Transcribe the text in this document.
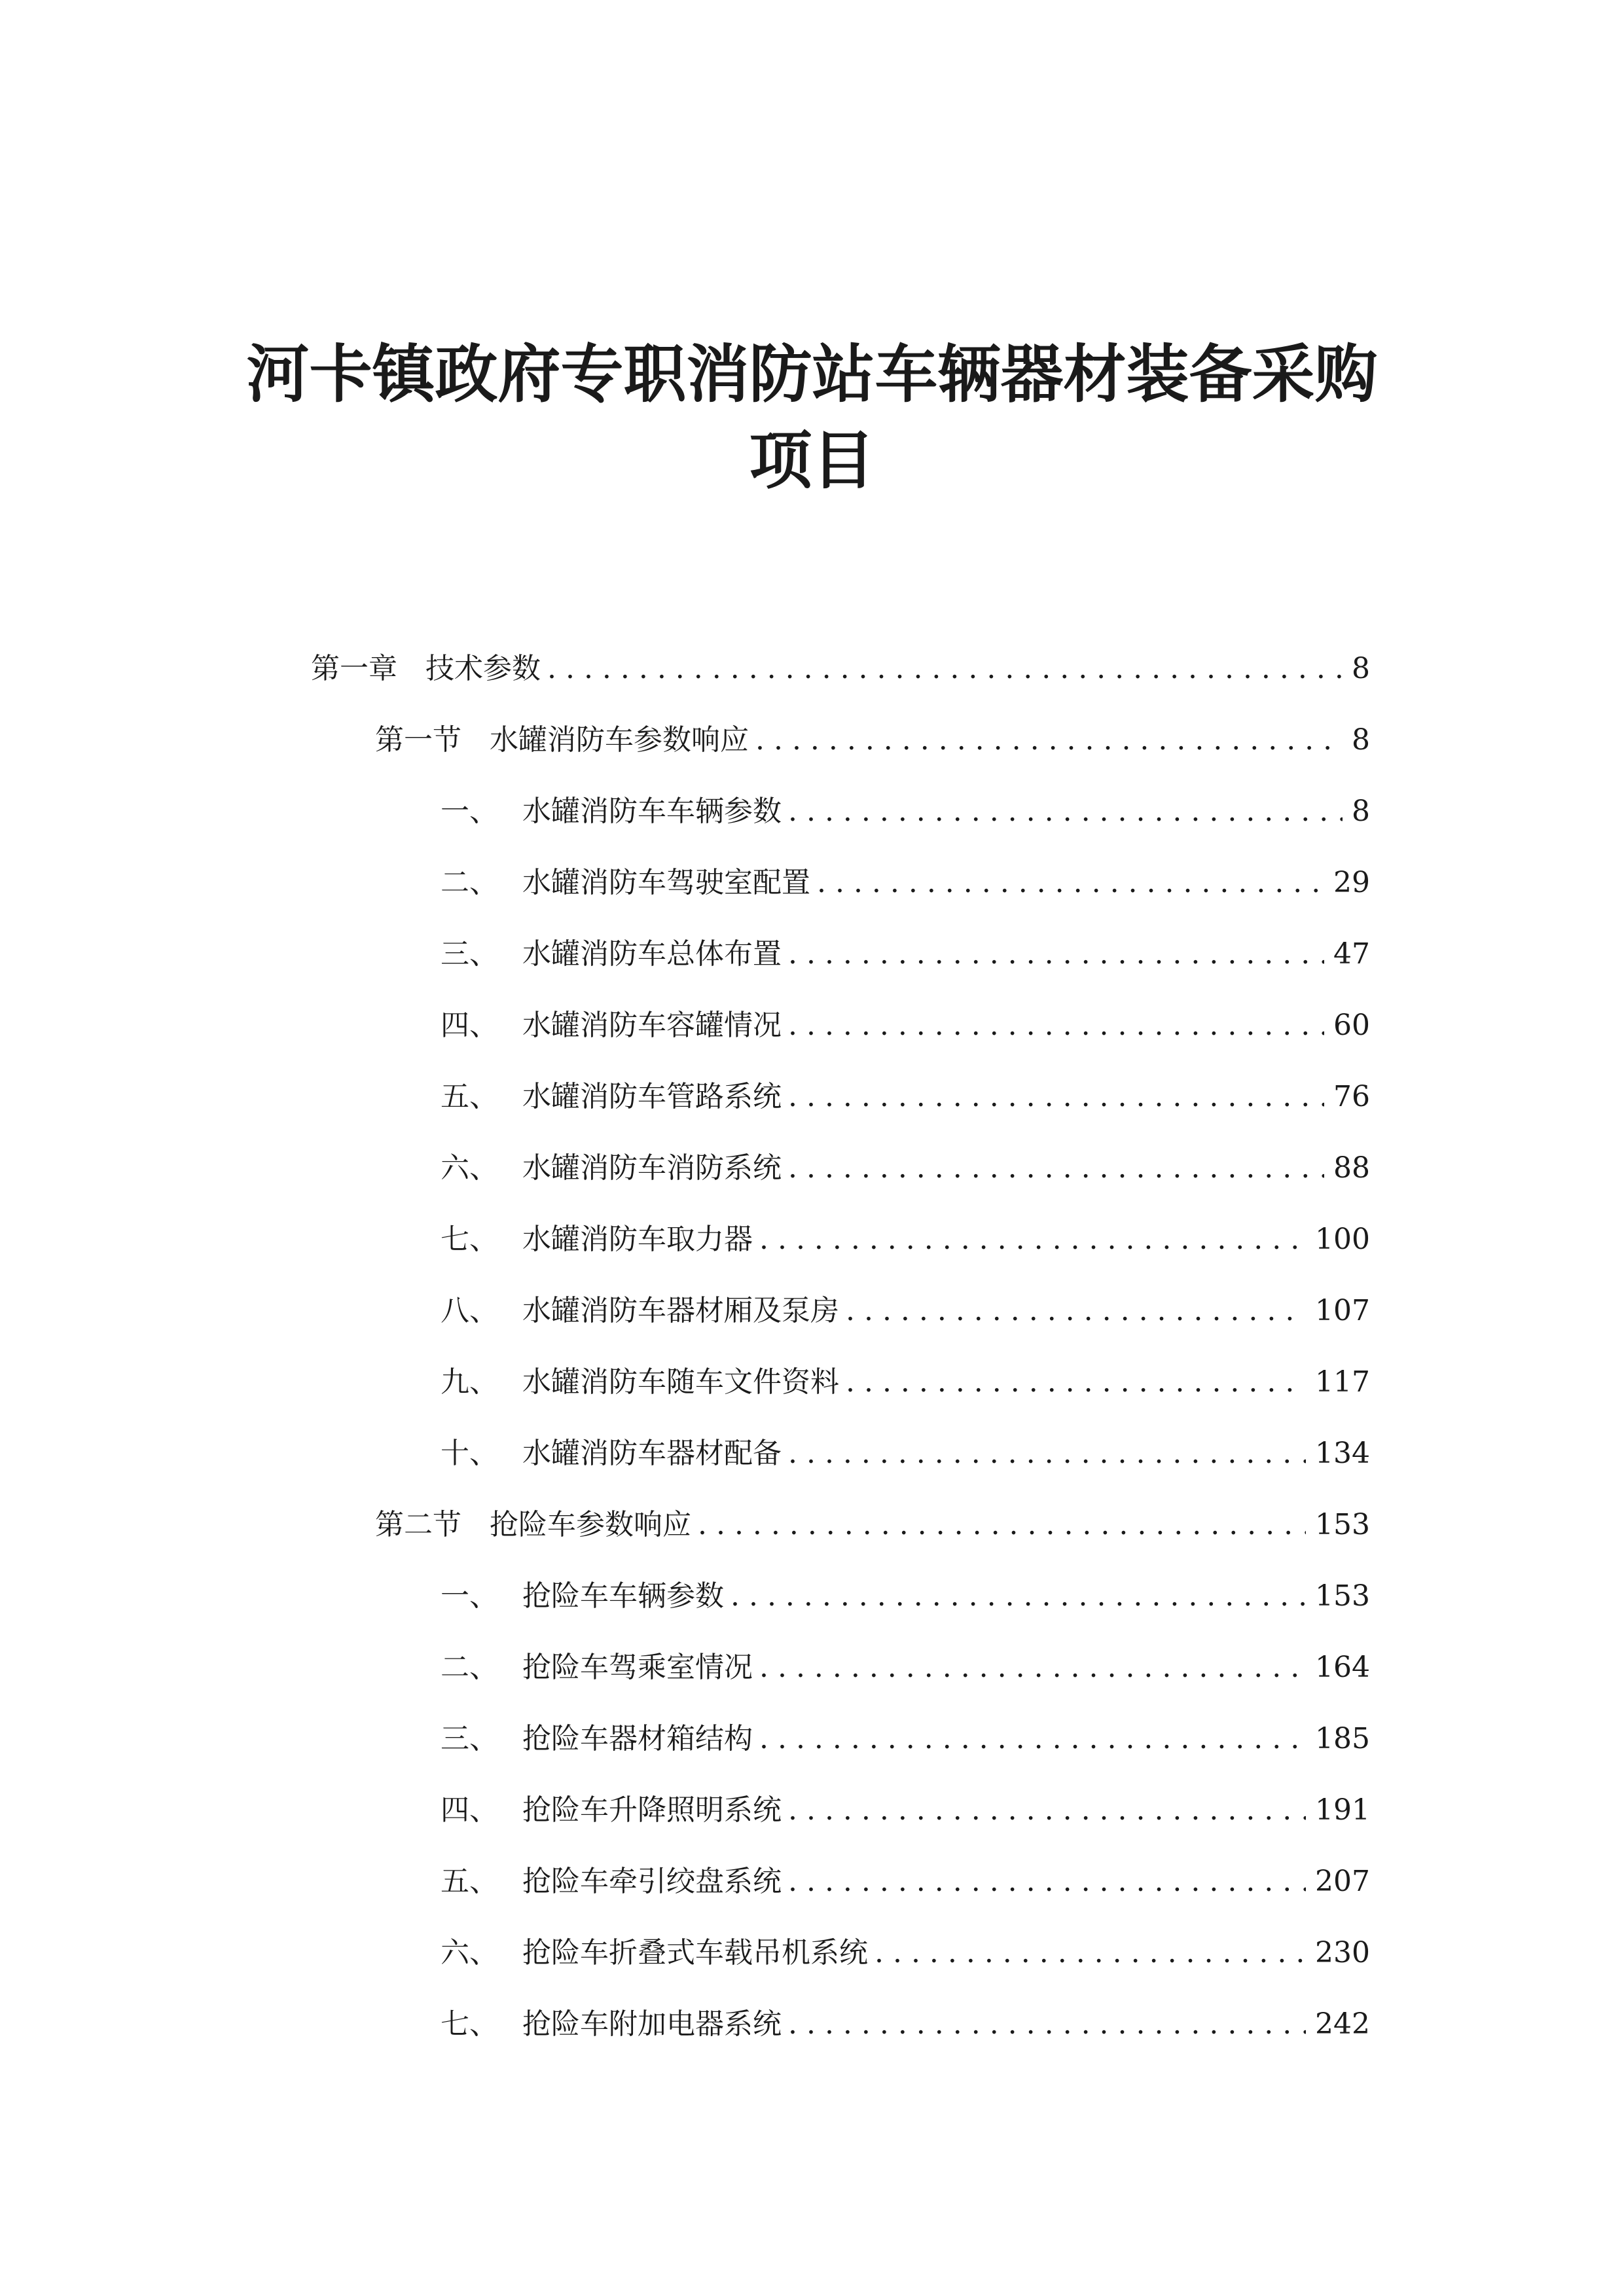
河卡镇政府专职消防站车辆器材装备采购
项目
第一章 技术参数 . . .	8
第一节 水罐消防车参数响应 . . .	8
一、 水罐消防车车辆参数 . . .	8
二、 水罐消防车驾驶室配置 . . .	29
三、 水罐消防车总体布置 . . .	47
四、 水罐消防车容罐情况 . . .	60
五、 水罐消防车管路系统 . . .	76
六、 水罐消防车消防系统 . . .	88
七、 水罐消防车取力器 . . .	100
八、 水罐消防车器材厢及泵房 . . .	107
九、 水罐消防车随车文件资料 . . .	117
十、 水罐消防车器材配备 . . .	134
第二节 抢险车参数响应 . . .	153
一、 抢险车车辆参数 . . .	153
二、 抢险车驾乘室情况 . . .	164
三、 抢险车器材箱结构 . . .	185
四、 抢险车升降照明系统 . . .	191
五、 抢险车牵引绞盘系统 . . .	207
六、 抢险车折叠式车载吊机系统 . . .	230
七、 抢险车附加电器系统 . . .	242
